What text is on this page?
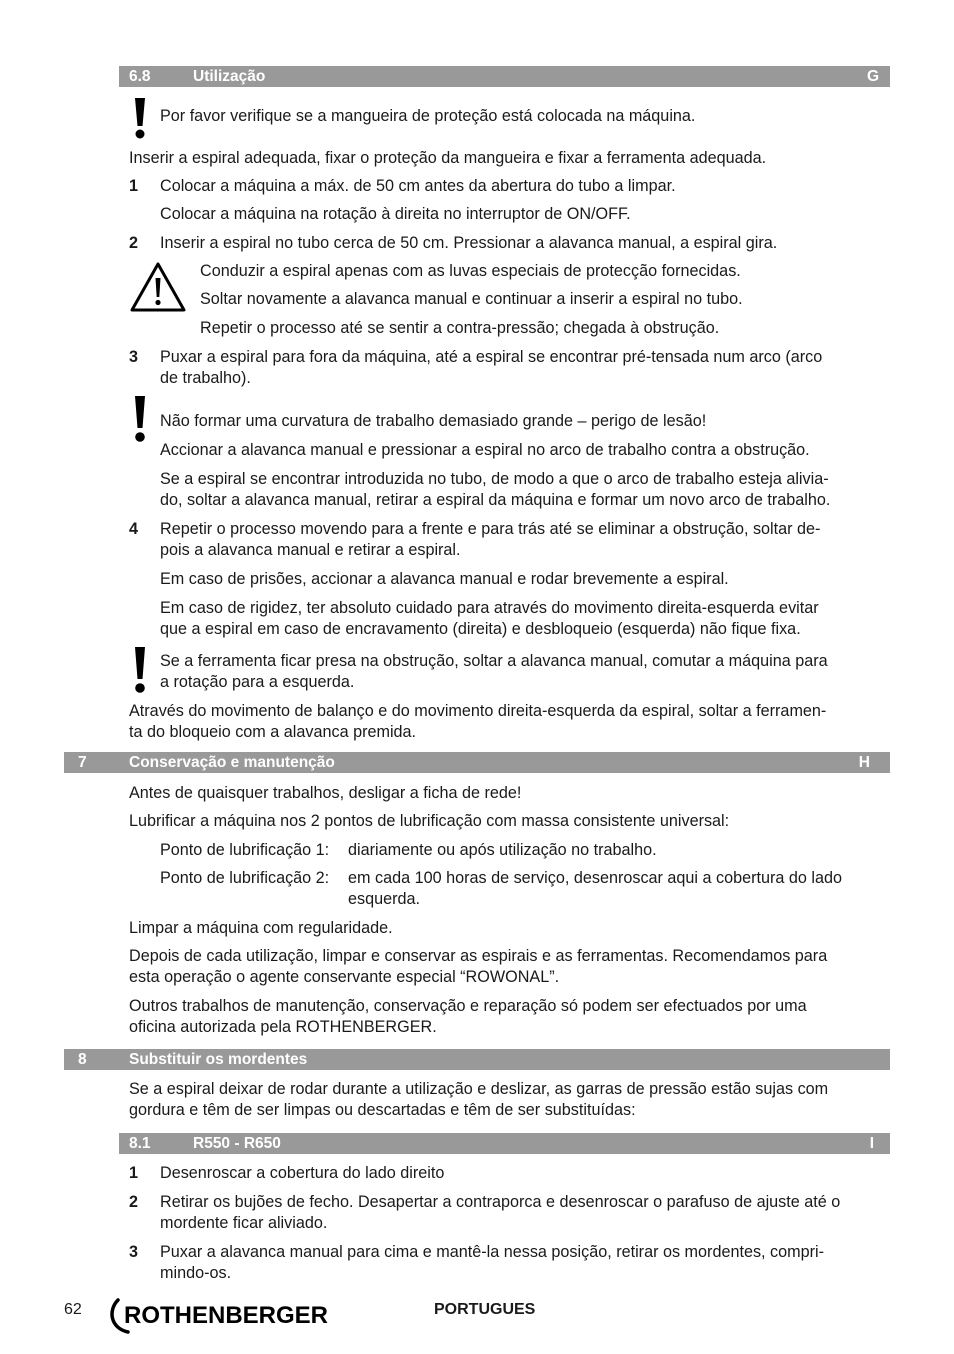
6.8	Utilização	G

Por favor verifique se a mangueira de proteção está colocada na máquina.

Inserir a espiral adequada, fixar o proteção da mangueira e fixar a ferramenta adequada.

1 Colocar a máquina a máx. de 50 cm antes da abertura do tubo a limpar.

Colocar a máquina na rotação à direita no interruptor de ON/OFF.

2 Inserir a espiral no tubo cerca de 50 cm. Pressionar a alavanca manual, a espiral gira.

Conduzir a espiral apenas com as luvas especiais de protecção fornecidas.

Soltar novamente a alavanca manual e continuar a inserir a espiral no tubo.

Repetir o processo até se sentir a contra-pressão; chegada à obstrução.

3 Puxar a espiral para fora da máquina, até a espiral se encontrar pré-tensada num arco (arco

de trabalho).

Não formar uma curvatura de trabalho demasiado grande – perigo de lesão!

Accionar a alavanca manual e pressionar a espiral no arco de trabalho contra a obstrução.

Se a espiral se encontrar introduzida no tubo, de modo a que o arco de trabalho esteja alivia-

do, soltar a alavanca manual, retirar a espiral da máquina e formar um novo arco de trabalho.

4 Repetir o processo movendo para a frente e para trás até se eliminar a obstrução, soltar de-

pois a alavanca manual e retirar a espiral.

Em caso de prisões, accionar a alavanca manual e rodar brevemente a espiral.

Em caso de rigidez, ter absoluto cuidado para através do movimento direita-esquerda evitar

que a espiral em caso de encravamento (direita) e desbloqueio (esquerda) não fique fixa.

Se a ferramenta ficar presa na obstrução, soltar a alavanca manual, comutar a máquina para

a rotação para a esquerda.

Através do movimento de balanço e do movimento direita-esquerda da espiral, soltar a ferramen-

ta do bloqueio com a alavanca premida.

7	Conservação e manutenção	H

Antes de quaisquer trabalhos, desligar a ficha de rede!

Lubrificar a máquina nos 2 pontos de lubrificação com massa consistente universal:

Ponto de lubrificação 1: diariamente ou após utilização no trabalho.

Ponto de lubrificação 2: em cada 100 horas de serviço, desenroscar aqui a cobertura do lado

esquerda.

Limpar a máquina com regularidade.

Depois de cada utilização, limpar e conservar as espirais e as ferramentas. Recomendamos para

esta operação o agente conservante especial “ROWONAL”.

Outros trabalhos de manutenção, conservação e reparação só podem ser efectuados por uma

oficina autorizada pela ROTHENBERGER.

8	Substituir os mordentes

Se a espiral deixar de rodar durante a utilização e deslizar, as garras de pressão estão sujas com

gordura e têm de ser limpas ou descartadas e têm de ser substituídas:

8.1	R550 - R650	I
1 Desenroscar a cobertura do lado direito

2 Retirar os bujões de fecho. Desapertar a contraporca e desenroscar o parafuso de ajuste até o

mordente ficar aliviado.

3 Puxar a alavanca manual para cima e mantê-la nessa posição, retirar os mordentes, compri-

mindo-os.

62 ROTHENBERGER	PORTUGUES
